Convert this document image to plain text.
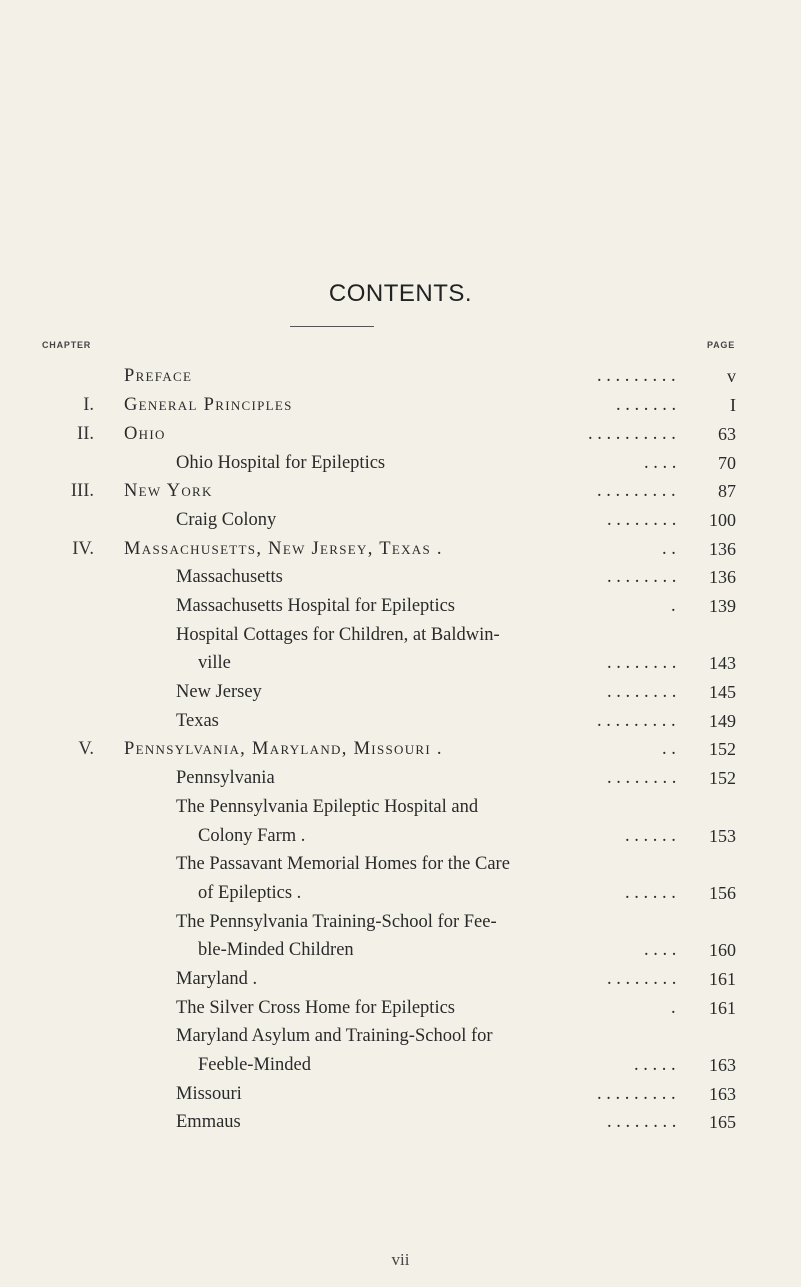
CONTENTS.
CHAPTER	PAGE
Preface	. . . . . . . . .	v
I. General Principles	. . . . . . .	I
II. Ohio	. . . . . . . . . .	63
Ohio Hospital for Epileptics	. . . .	70
III. New York	. . . . . . . . .	87
Craig Colony	. . . . . . . .	100
IV. Massachusetts, New Jersey, Texas .	. .	136
Massachusetts	. . . . . . . .	136
Massachusetts Hospital for Epileptics	.	139
Hospital Cottages for Children, at Baldwin-
ville	. . . . . . . .	143
New Jersey	. . . . . . . .	145
Texas	. . . . . . . . .	149
V. Pennsylvania, Maryland, Missouri .	. .	152
Pennsylvania	. . . . . . . .	152
The Pennsylvania Epileptic Hospital and
Colony Farm .	. . . . . .	153
The Passavant Memorial Homes for the Care
of Epileptics .	. . . . . .	156
The Pennsylvania Training-School for Fee-
ble-Minded Children	. . . .	160
Maryland .	. . . . . . . .	161
The Silver Cross Home for Epileptics	.	161
Maryland Asylum and Training-School for
Feeble-Minded	. . . . .	163
Missouri	. . . . . . . . .	163
Emmaus	. . . . . . . .	165
vii
